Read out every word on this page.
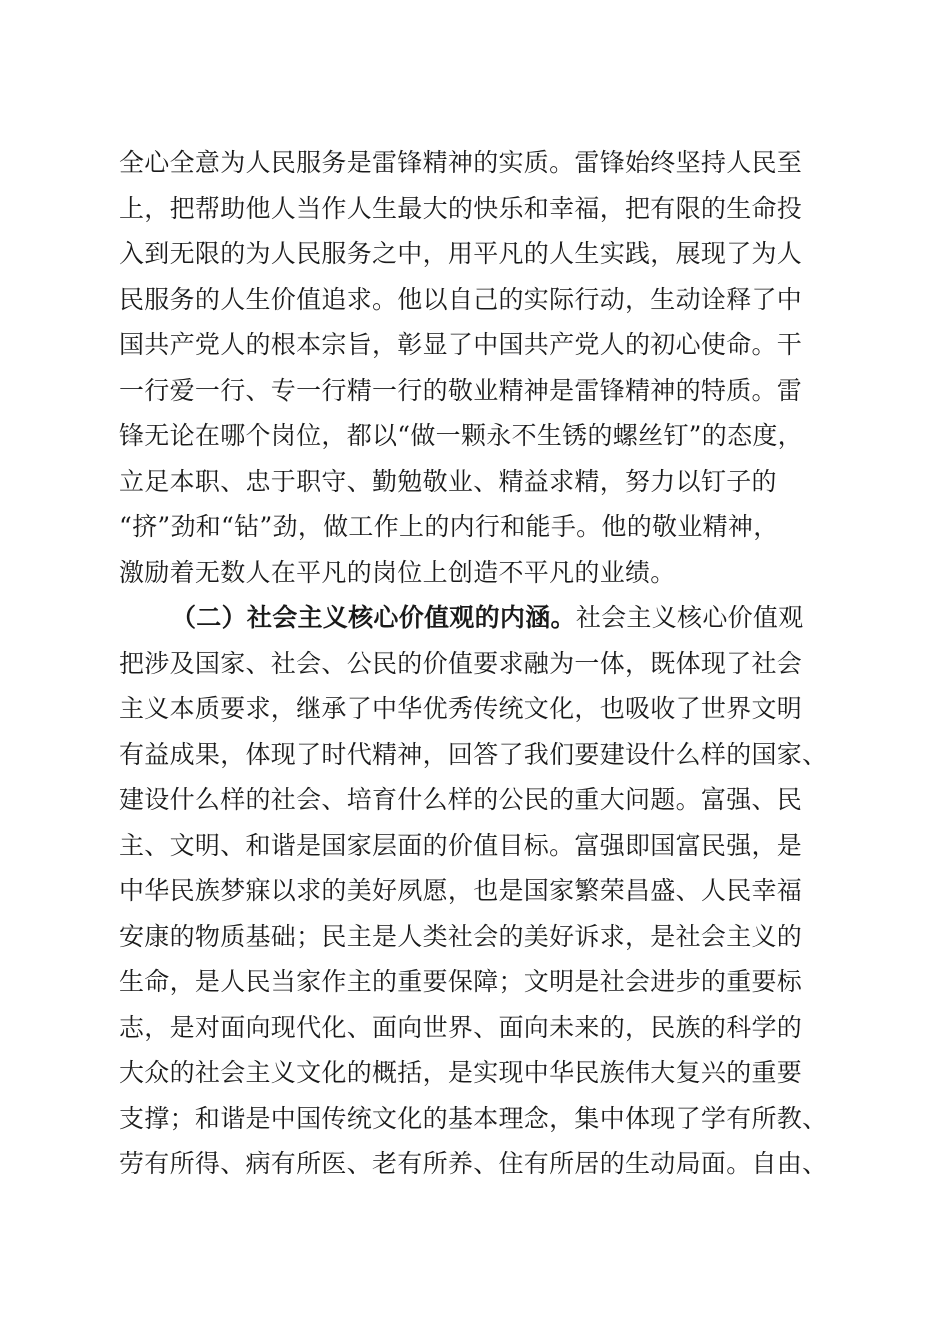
全心全意为人民服务是雷锋精神的实质。雷锋始终坚持人民至
上，把帮助他人当作人生最大的快乐和幸福，把有限的生命投
入到无限的为人民服务之中，用平凡的人生实践，展现了为人
民服务的人生价值追求。他以自己的实际行动，生动诠释了中
国共产党人的根本宗旨，彰显了中国共产党人的初心使命。干
一行爱一行、专一行精一行的敬业精神是雷锋精神的特质。雷
锋无论在哪个岗位，都以“做一颗永不生锈的螺丝钉”的态度，
立足本职、忠于职守、勤勉敬业、精益求精，努力以钉子的
“挤”劲和“钻”劲，做工作上的内行和能手。他的敬业精神，
激励着无数人在平凡的岗位上创造不平凡的业绩。
（二）社会主义核心价值观的内涵。社会主义核心价值观
把涉及国家、社会、公民的价值要求融为一体，既体现了社会
主义本质要求，继承了中华优秀传统文化，也吸收了世界文明
有益成果，体现了时代精神，回答了我们要建设什么样的国家、
建设什么样的社会、培育什么样的公民的重大问题。富强、民
主、文明、和谐是国家层面的价值目标。富强即国富民强，是
中华民族梦寐以求的美好夙愿，也是国家繁荣昌盛、人民幸福
安康的物质基础；民主是人类社会的美好诉求，是社会主义的
生命，是人民当家作主的重要保障；文明是社会进步的重要标
志，是对面向现代化、面向世界、面向未来的，民族的科学的
大众的社会主义文化的概括，是实现中华民族伟大复兴的重要
支撑；和谐是中国传统文化的基本理念，集中体现了学有所教、
劳有所得、病有所医、老有所养、住有所居的生动局面。自由、
